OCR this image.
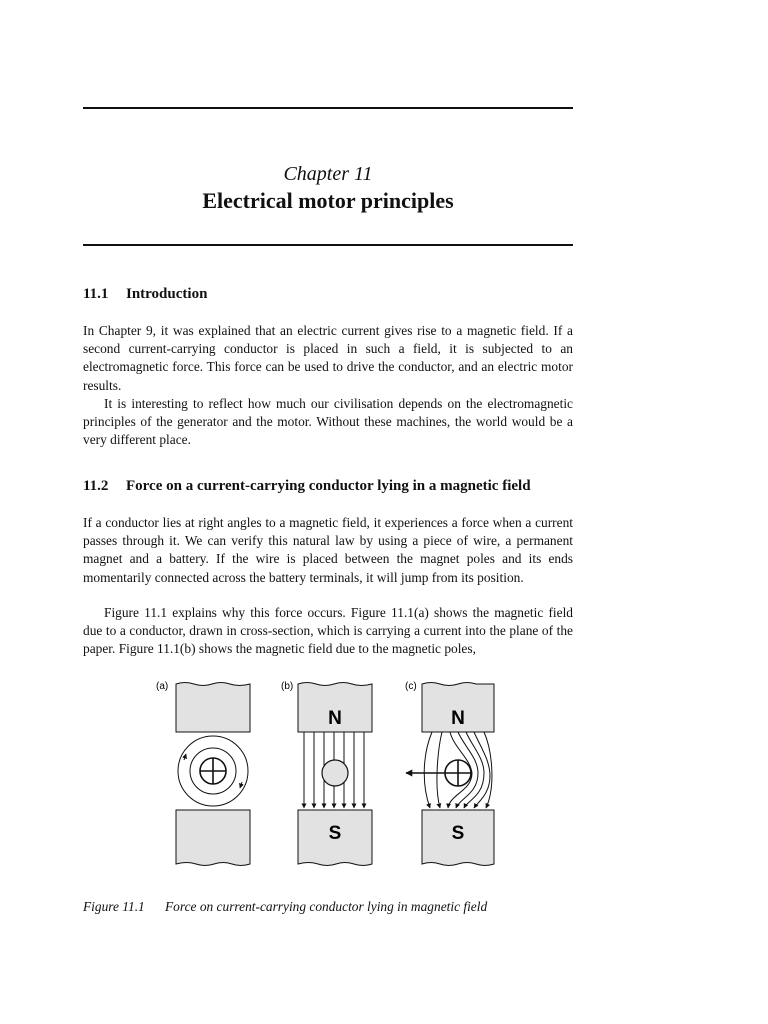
Chapter 11
Electrical motor principles
11.1 Introduction

In Chapter 9, it was explained that an electric current gives rise to a magnetic field. If a second current-carrying conductor is placed in such a field, it is subjected to an electromagnetic force. This force can be used to drive the conductor, and an electric motor results.

It is interesting to reflect how much our civilisation depends on the electromagnetic principles of the generator and the motor. Without these machines, the world would be a very different place.

11.2 Force on a current-carrying conductor lying in a magnetic field

If a conductor lies at right angles to a magnetic field, it experiences a force when a current passes through it. We can verify this natural law by using a piece of wire, a permanent magnet and a battery. If the wire is placed between the magnet poles and its ends momentarily connected across the battery terminals, it will jump from its position.

Figure 11.1 explains why this force occurs. Figure 11.1(a) shows the magnetic field due to a conductor, drawn in cross-section, which is carrying a current into the plane of the paper. Figure 11.1(b) shows the magnetic field due to the magnetic poles,

(a)	(b)
N
S
(c)
N
S
Figure 11.1 Force on current-carrying conductor lying in magnetic field
